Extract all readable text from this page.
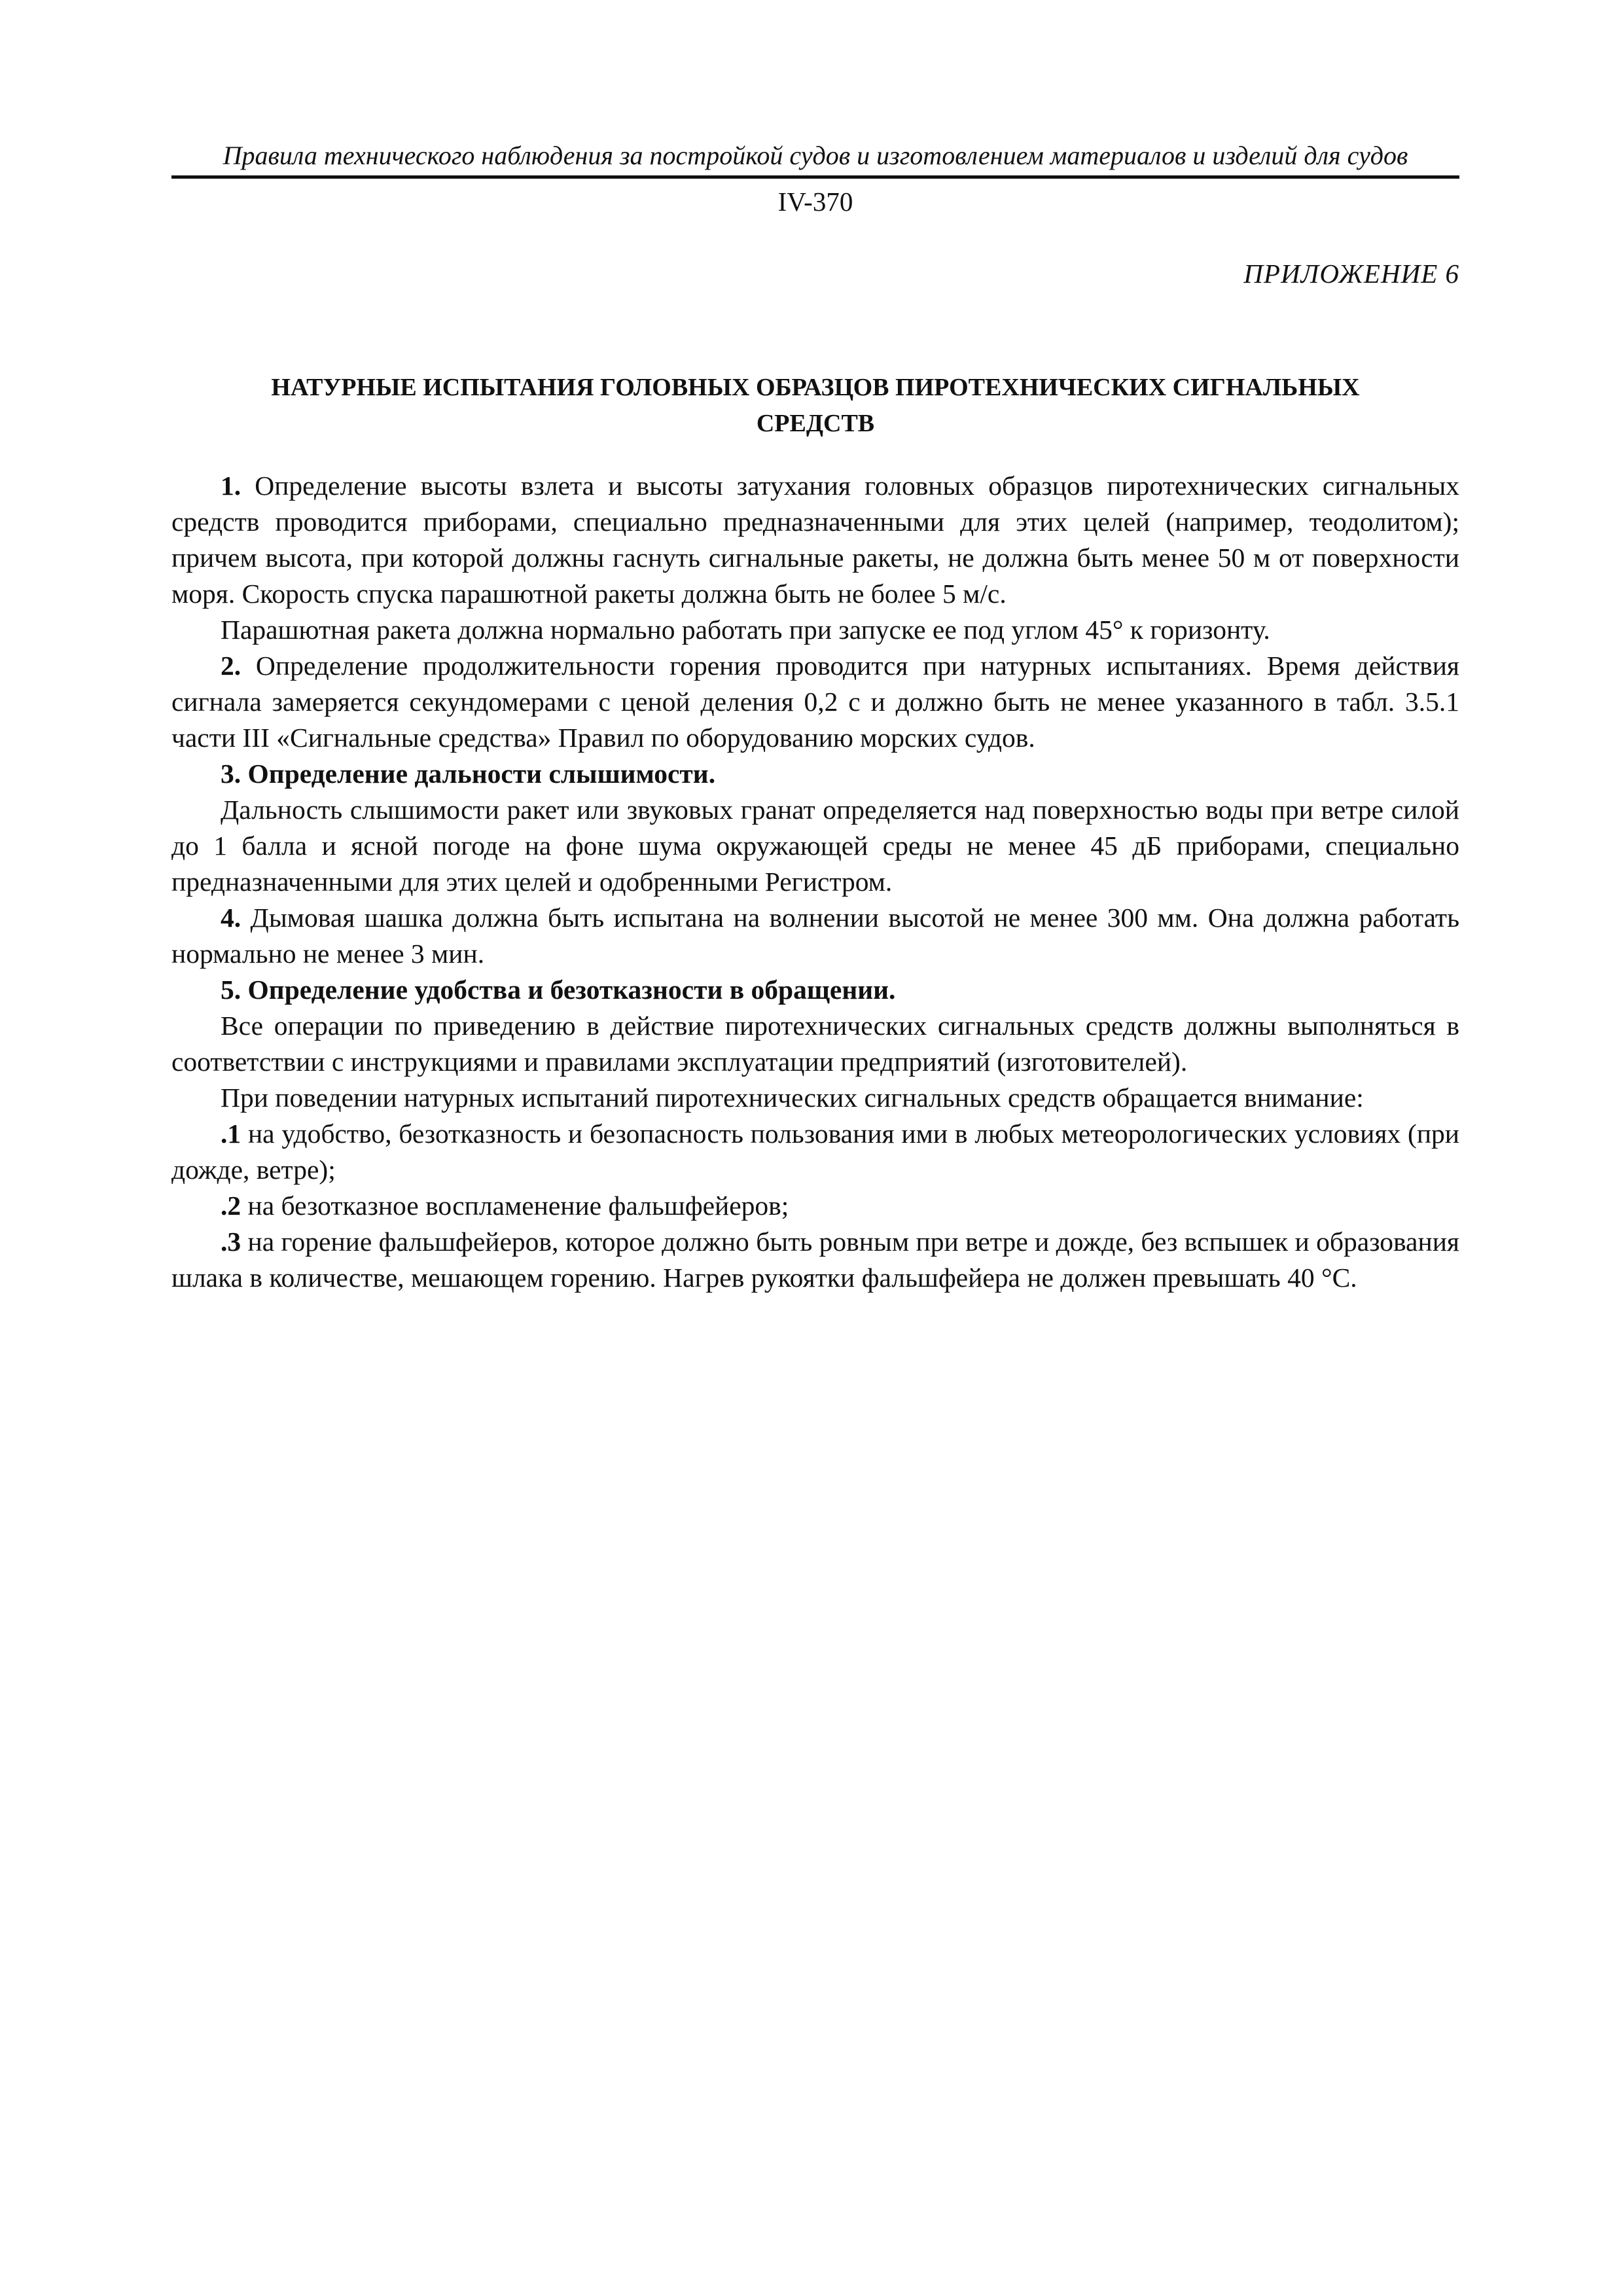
Правила технического наблюдения за постройкой судов и изготовлением материалов и изделий для судов
IV-370
ПРИЛОЖЕНИЕ 6
НАТУРНЫЕ ИСПЫТАНИЯ ГОЛОВНЫХ ОБРАЗЦОВ ПИРОТЕХНИЧЕСКИХ СИГНАЛЬНЫХ
СРЕДСТВ

1. Определение высоты взлета и высоты затухания головных образцов пиротехнических сигнальных средств проводится приборами, специально предназначенными для этих целей (например, теодолитом); причем высота, при которой должны гаснуть сигнальные ракеты, не должна быть менее 50 м от поверхности моря. Скорость спуска парашютной ракеты должна быть не более 5 м/с.

Парашютная ракета должна нормально работать при запуске ее под углом 45° к горизонту.

2. Определение продолжительности горения проводится при натурных испытаниях. Время действия сигнала замеряется секундомерами с ценой деления 0,2 с и должно быть не менее указанного в табл. 3.5.1 части III «Сигнальные средства» Правил по оборудованию морских судов.

3. Определение дальности слышимости.

Дальность слышимости ракет или звуковых гранат определяется над поверхностью воды при ветре силой до 1 балла и ясной погоде на фоне шума окружающей среды не менее 45 дБ приборами, специально предназначенными для этих целей и одобренными Регистром.

4. Дымовая шашка должна быть испытана на волнении высотой не менее 300 мм. Она должна работать нормально не менее 3 мин.

5. Определение удобства и безотказности в обращении.

Все операции по приведению в действие пиротехнических сигнальных средств должны выполняться в соответствии с инструкциями и правилами эксплуатации предприятий (изготовителей).

При поведении натурных испытаний пиротехнических сигнальных средств обращается внимание:

.1 на удобство, безотказность и безопасность пользования ими в любых метеорологических условиях (при дожде, ветре);

.2 на безотказное воспламенение фальшфейеров;

.3 на горение фальшфейеров, которое должно быть ровным при ветре и дожде, без вспышек и образования шлака в количестве, мешающем горению. Нагрев рукоятки фальшфейера не должен превышать 40 °С.
